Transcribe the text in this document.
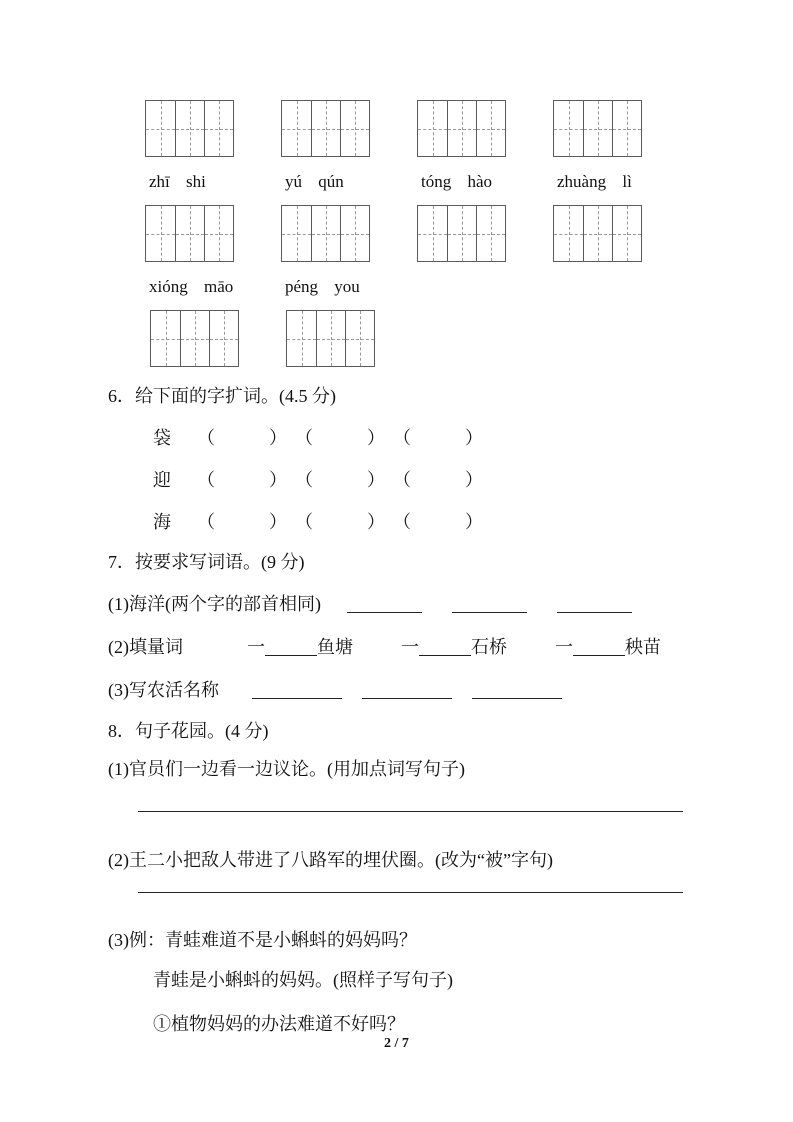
zhī shi	yú qún	tóng hào	zhuàng lì
xióng māo	péng you

6．给下面的字扩词。(4.5 分)

袋 （　　　） （　　　） （　　　）
迎 （　　　） （　　　） （　　　）
海 （　　　） （　　　） （　　　）

7．按要求写词语。(9 分)

(1)海洋(两个字的部首相同)

(2)填量词	一	鱼塘	一	石桥	一	秧苗

(3)写农活名称

8．句子花园。(4 分)

(1)官员们一边看一边议论。(用加点词写句子)

(2)王二小把敌人带进了八路军的埋伏圈。(改为“被”字句)

(3)例：青蛙难道不是小蝌蚪的妈妈吗？

青蛙是小蝌蚪的妈妈。(照样子写句子)

①植物妈妈的办法难道不好吗？

2 / 7
